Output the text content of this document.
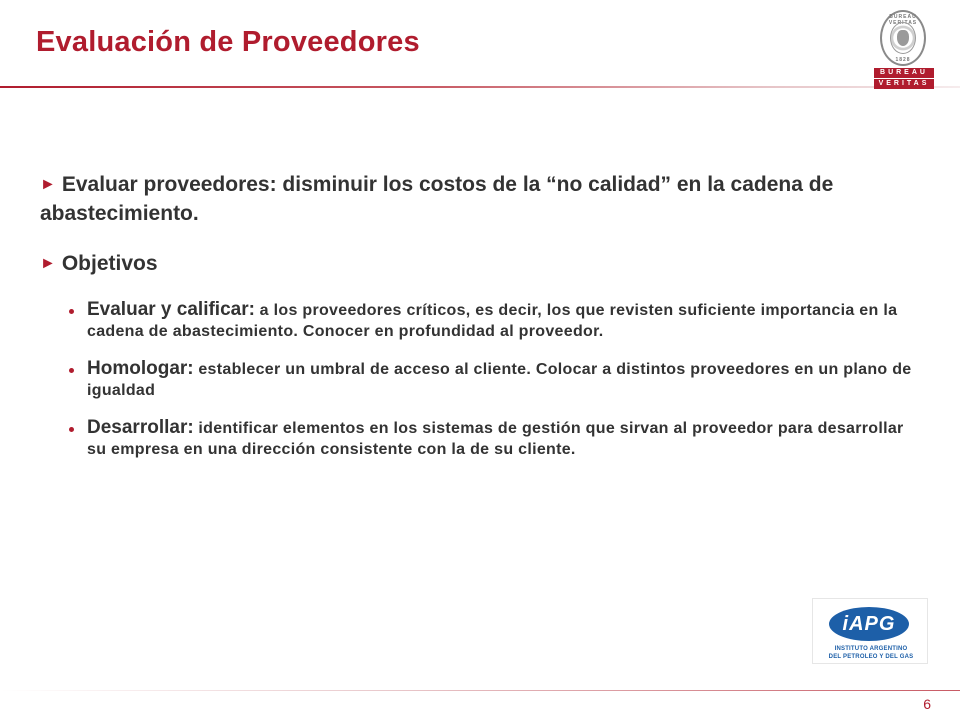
Evaluación de Proveedores
BUREAU VERITAS
1828
BUREAU
VERITAS

► Evaluar proveedores: disminuir los costos de la “no calidad” en la cadena de abastecimiento.

► Objetivos

Evaluar y calificar: a los proveedores críticos, es decir, los que revisten suficiente importancia en la cadena de abastecimiento. Conocer en profundidad al proveedor.
Homologar: establecer un umbral de acceso al cliente. Colocar a distintos proveedores en un plano de igualdad
Desarrollar: identificar elementos en los sistemas de gestión que sirvan al proveedor para desarrollar su empresa en una dirección consistente con la de su cliente.
iAPG
INSTITUTO ARGENTINO
DEL PETROLEO Y DEL GAS
6
